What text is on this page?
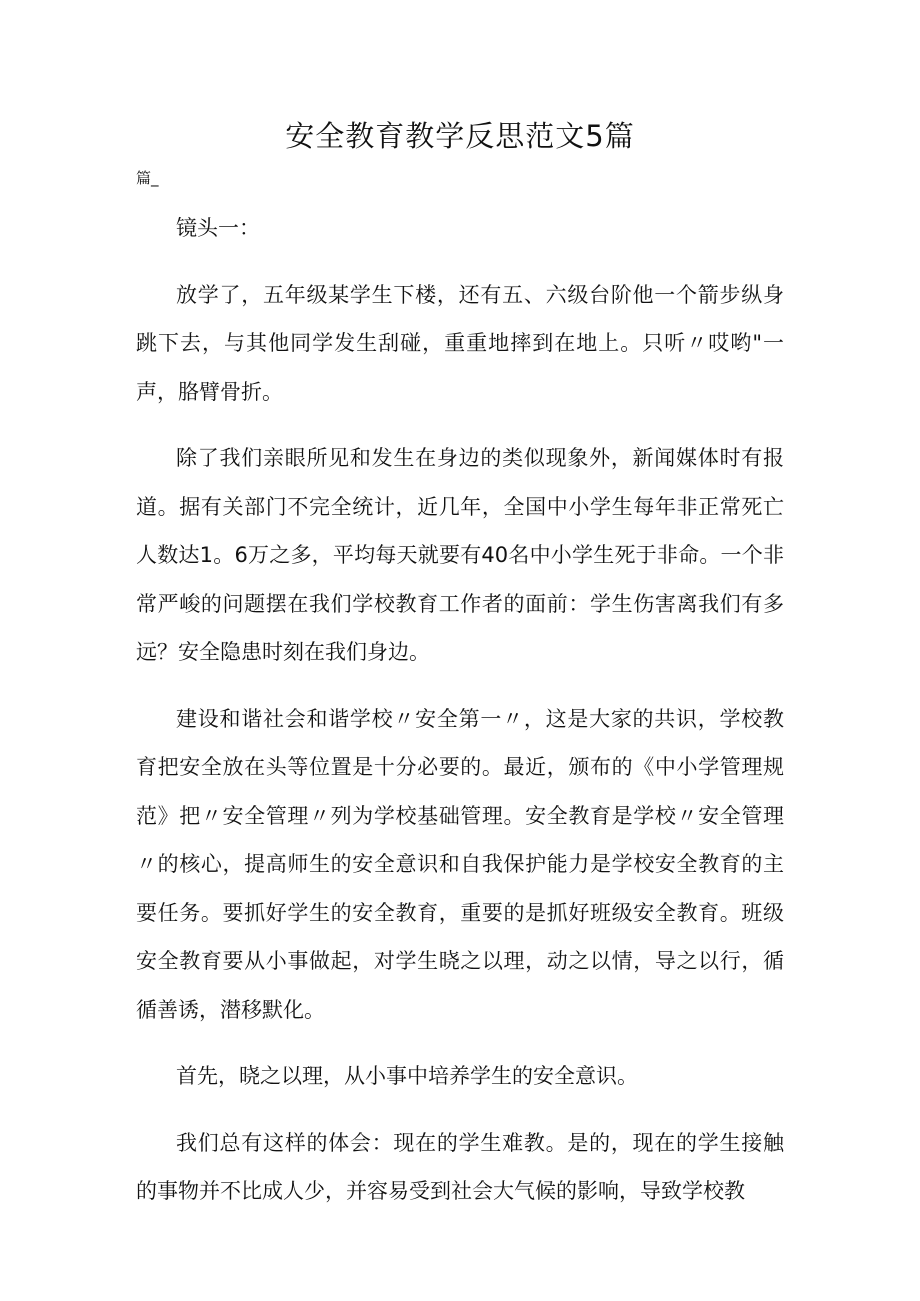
安全教育教学反思范文5篇
篇_

镜头一：

放学了，五年级某学生下楼，还有五、六级台阶他一个箭步纵身跳下去，与其他同学发生刮碰，重重地摔到在地上。只听〃哎哟"一声，胳臂骨折。

除了我们亲眼所见和发生在身边的类似现象外，新闻媒体时有报道。据有关部门不完全统计，近几年，全国中小学生每年非正常死亡人数达1。6万之多，平均每天就要有40名中小学生死于非命。一个非常严峻的问题摆在我们学校教育工作者的面前：学生伤害离我们有多远？安全隐患时刻在我们身边。

建设和谐社会和谐学校〃安全第一〃，这是大家的共识，学校教育把安全放在头等位置是十分必要的。最近，颁布的《中小学管理规范》把〃安全管理〃列为学校基础管理。安全教育是学校〃安全管理〃的核心，提高师生的安全意识和自我保护能力是学校安全教育的主要任务。要抓好学生的安全教育，重要的是抓好班级安全教育。班级安全教育要从小事做起，对学生晓之以理，动之以情，导之以行，循循善诱，潜移默化。

首先，晓之以理，从小事中培养学生的安全意识。

我们总有这样的体会：现在的学生难教。是的，现在的学生接触的事物并不比成人少，并容易受到社会大气候的影响，导致学校教
